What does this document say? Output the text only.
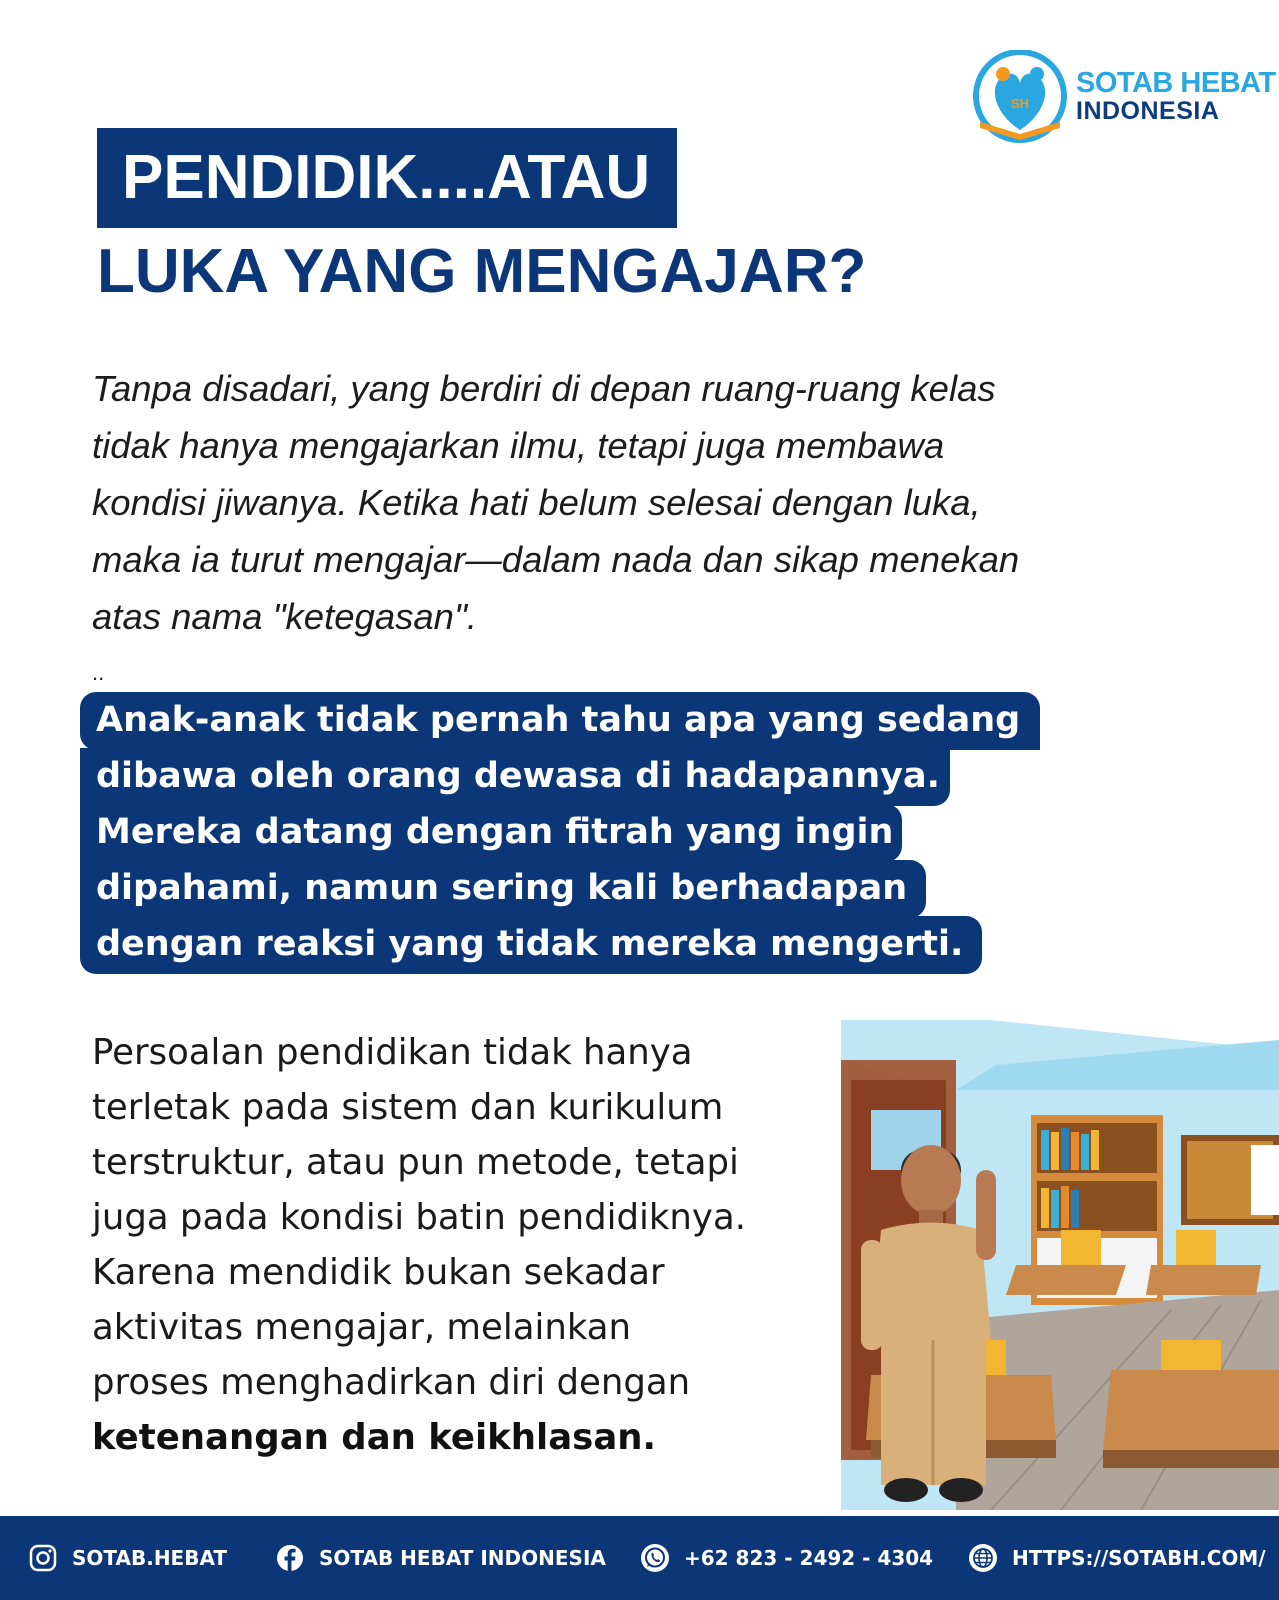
SH
SOTAB HEBAT
INDONESIA
PENDIDIK....ATAU
LUKA YANG MENGAJAR?
Tanpa disadari, yang berdiri di depan ruang-ruang kelas
tidak hanya mengajarkan ilmu, tetapi juga membawa
kondisi jiwanya. Ketika hati belum selesai dengan luka,
maka ia turut mengajar—dalam nada dan sikap menekan
atas nama "ketegasan".
..
Anak-anak tidak pernah tahu apa yang sedang
dibawa oleh orang dewasa di hadapannya.
Mereka datang dengan fitrah yang ingin
dipahami, namun sering kali berhadapan
dengan reaksi yang tidak mereka mengerti.
Persoalan pendidikan tidak hanya
terletak pada sistem dan kurikulum
terstruktur, atau pun metode, tetapi
juga pada kondisi batin pendidiknya.
Karena mendidik bukan sekadar
aktivitas mengajar, melainkan
proses menghadirkan diri dengan
ketenangan dan keikhlasan.
SOTAB.HEBAT	SOTAB HEBAT INDONESIA	+62 823 - 2492 - 4304	HTTPS://SOTABH.COM/
